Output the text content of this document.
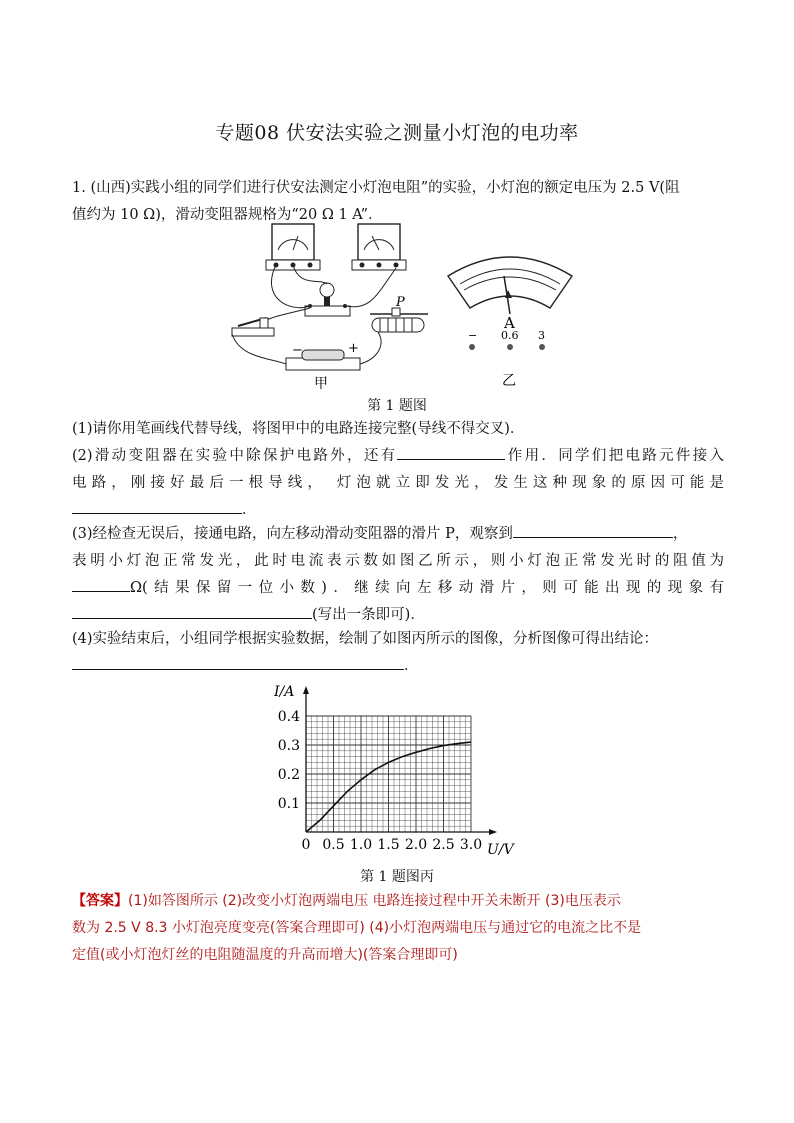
专题08 伏安法实验之测量小灯泡的电功率
1. (山西)实践小组的同学们进行伏安法测定小灯泡电阻”的实验，小灯泡的额定电压为 2.5 V(阻
值约为 10 Ω)，滑动变阻器规格为“20 Ω 1 A”．
P
−	+
甲
A
− 0.6 3
乙
第 1 题图
(1)请你用笔画线代替导线，将图甲中的电路连接完整(导线不得交叉)．
(2)滑动变阻器在实验中除保护电路外，还有	作用．同学们把电路元件接入
电路，刚接好最后一根导线， 灯泡就立即发光，发生这种现象的原因可能是
．
(3)经检查无误后，接通电路，向左移动滑动变阻器的滑片 P，观察到	，
表明小灯泡正常发光，此时电流表示数如图乙所示，则小灯泡正常发光时的阻值为
Ω(结果保留一位小数)．继续向左移动滑片，则可能出现的现象有
(写出一条即可)．
(4)实验结束后，小组同学根据实验数据，绘制了如图丙所示的图像，分析图像可得出结论：
．
0 0.5 1.0 1.5 2.0 2.5 3.0
0.1
0.2
0.3
0.4
U/V
I/A
第 1 题图丙
【答案】(1)如答图所示 (2)改变小灯泡两端电压 电路连接过程中开关未断开 (3)电压表示
数为 2.5 V 8.3 小灯泡亮度变亮(答案合理即可) (4)小灯泡两端电压与通过它的电流之比不是
定值(或小灯泡灯丝的电阻随温度的升高而增大)(答案合理即可)
